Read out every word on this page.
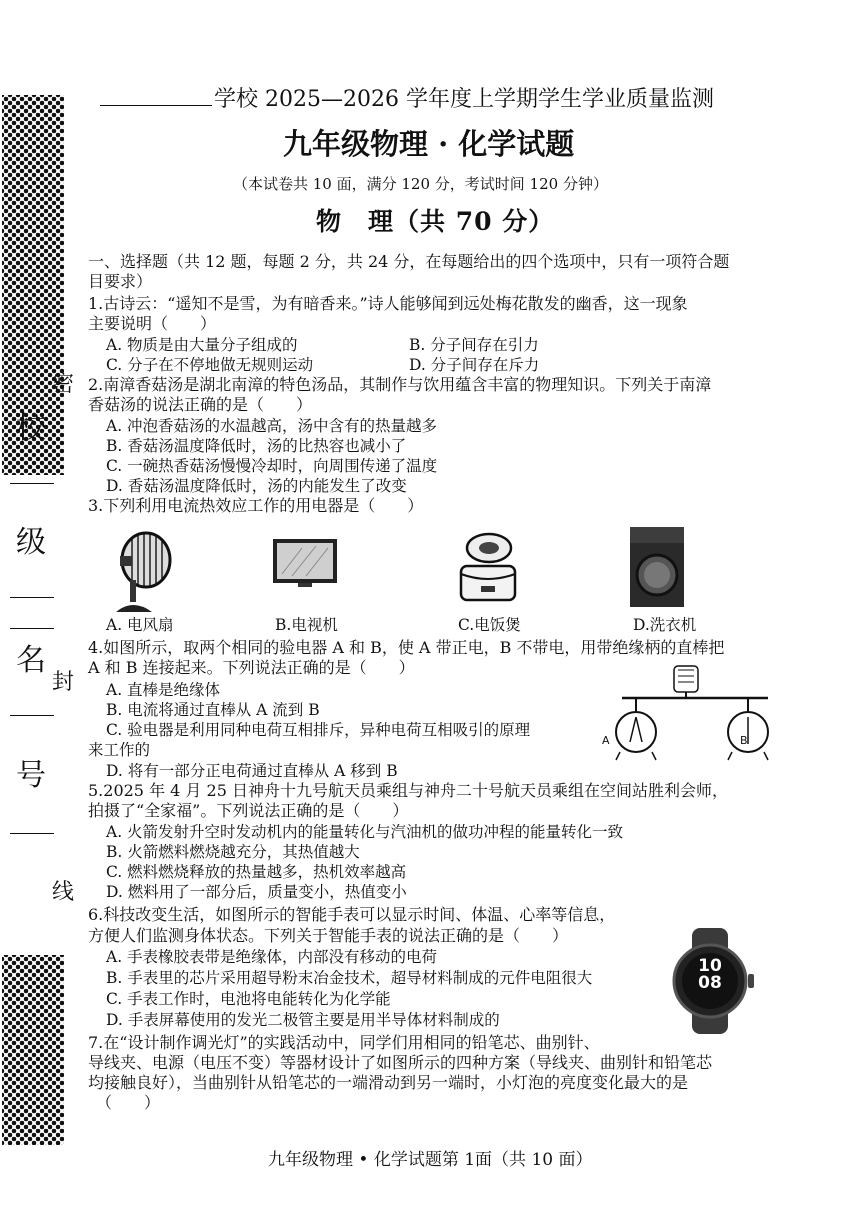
校
级
名
号
密
封
线
学校 2025—2026 学年度上学期学生学业质量监测
九年级物理 · 化学试题
（本试卷共 10 面，满分 120 分，考试时间 120 分钟）
物　理（共 70 分）
一、选择题（共 12 题，每题 2 分，共 24 分，在每题给出的四个选项中，只有一项符合题
目要求）
1.古诗云：“遥知不是雪，为有暗香来。”诗人能够闻到远处梅花散发的幽香，这一现象
主要说明（　　）
A. 物质是由大量分子组成的	B. 分子间存在引力
C. 分子在不停地做无规则运动	D. 分子间存在斥力
2.南漳香菇汤是湖北南漳的特色汤品，其制作与饮用蕴含丰富的物理知识。下列关于南漳
香菇汤的说法正确的是（　　）
A. 冲泡香菇汤的水温越高，汤中含有的热量越多
B. 香菇汤温度降低时，汤的比热容也减小了
C. 一碗热香菇汤慢慢冷却时，向周围传递了温度
D. 香菇汤温度降低时，汤的内能发生了改变
3.下列利用电流热效应工作的用电器是（　　）
A. 电风扇	B.电视机	C.电饭煲	D.洗衣机
4.如图所示，取两个相同的验电器 A 和 B，使 A 带正电，B 不带电，用带绝缘柄的直棒把
A 和 B 连接起来。下列说法正确的是（　　）
A. 直棒是绝缘体
B. 电流将通过直棒从 A 流到 B
C. 验电器是利用同种电荷互相排斥，异种电荷互相吸引的原理
来工作的
D. 将有一部分正电荷通过直棒从 A 移到 B
A	B
5.2025 年 4 月 25 日神舟十九号航天员乘组与神舟二十号航天员乘组在空间站胜利会师，
拍摄了“全家福”。下列说法正确的是（　　）
A. 火箭发射升空时发动机内的能量转化与汽油机的做功冲程的能量转化一致
B. 火箭燃料燃烧越充分，其热值越大
C. 燃料燃烧释放的热量越多，热机效率越高
D. 燃料用了一部分后，质量变小，热值变小
6.科技改变生活，如图所示的智能手表可以显示时间、体温、心率等信息，
方便人们监测身体状态。下列关于智能手表的说法正确的是（　　）
A. 手表橡胶表带是绝缘体，内部没有移动的电荷
B. 手表里的芯片采用超导粉末冶金技术，超导材料制成的元件电阻很大
C. 手表工作时，电池将电能转化为化学能
D. 手表屏幕使用的发光二极管主要是用半导体材料制成的
10
08
7.在“设计制作调光灯”的实践活动中，同学们用相同的铅笔芯、曲别针、
导线夹、电源（电压不变）等器材设计了如图所示的四种方案（导线夹、曲别针和铅笔芯
均接触良好），当曲别针从铅笔芯的一端滑动到另一端时，小灯泡的亮度变化最大的是
（　　）
九年级物理 • 化学试题第 1面（共 10 面）
